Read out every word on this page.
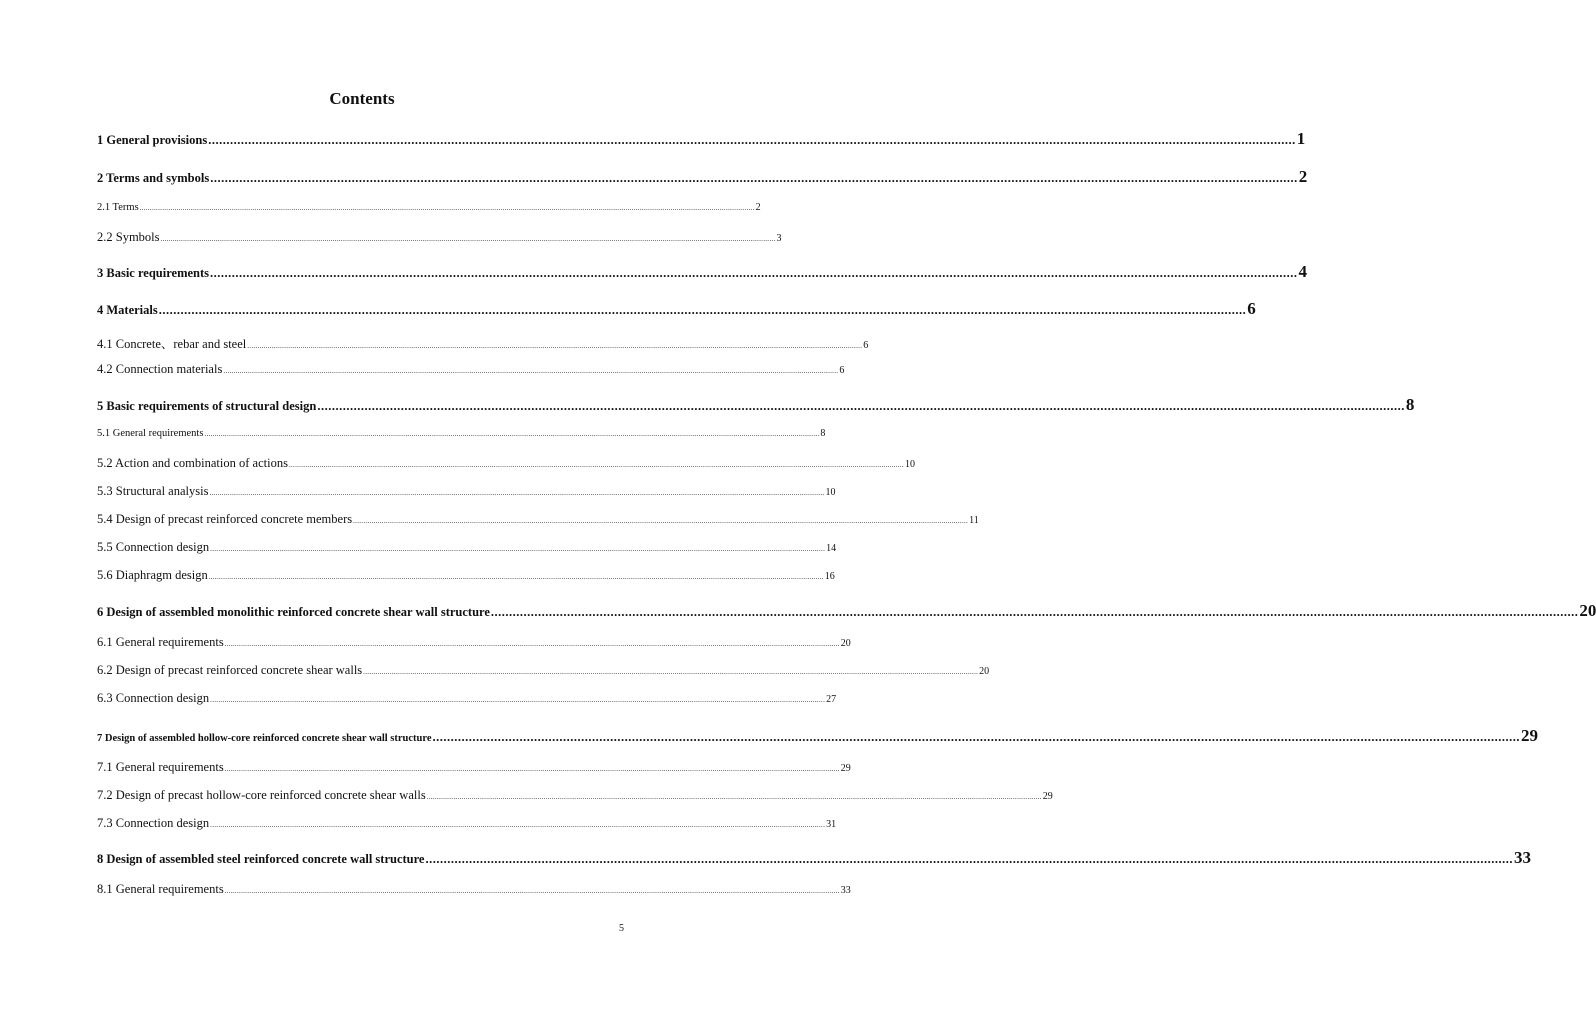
Contents
1 General provisions ............................................................................................................................................................................................................................................................................................................ 1
2 Terms and symbols ............................................................................................................................................................................................................................................................................................................ 2
2.1 Terms ............................................................................................................................................................................................................................................................................................................ 2
2.2 Symbols ............................................................................................................................................................................................................................................................................................................ 3
3 Basic requirements ............................................................................................................................................................................................................................................................................................................ 4
4 Materials ............................................................................................................................................................................................................................................................................................................ 6
4.1 Concrete、rebar and steel ............................................................................................................................................................................................................................................................................................................ 6
4.2 Connection materials ............................................................................................................................................................................................................................................................................................................ 6
5 Basic requirements of structural design ............................................................................................................................................................................................................................................................................................................ 8
5.1 General requirements ............................................................................................................................................................................................................................................................................................................ 8
5.2 Action and combination of actions ............................................................................................................................................................................................................................................................................................................ 10
5.3 Structural analysis ............................................................................................................................................................................................................................................................................................................ 10
5.4 Design of precast reinforced concrete members ............................................................................................................................................................................................................................................................................................................ 11
5.5 Connection design ............................................................................................................................................................................................................................................................................................................ 14
5.6 Diaphragm design ............................................................................................................................................................................................................................................................................................................ 16
6 Design of assembled monolithic reinforced concrete shear wall structure ............................................................................................................................................................................................................................................................................................................ 20
6.1 General requirements ............................................................................................................................................................................................................................................................................................................ 20
6.2 Design of precast reinforced concrete shear walls ............................................................................................................................................................................................................................................................................................................ 20
6.3 Connection design ............................................................................................................................................................................................................................................................................................................ 27
7 Design of assembled hollow-core reinforced concrete shear wall structure ............................................................................................................................................................................................................................................................................................................ 29
7.1 General requirements ............................................................................................................................................................................................................................................................................................................ 29
7.2 Design of precast hollow-core reinforced concrete shear walls ............................................................................................................................................................................................................................................................................................................ 29
7.3 Connection design ............................................................................................................................................................................................................................................................................................................ 31
8 Design of assembled steel reinforced concrete wall structure ............................................................................................................................................................................................................................................................................................................ 33
8.1 General requirements ............................................................................................................................................................................................................................................................................................................ 33
5
